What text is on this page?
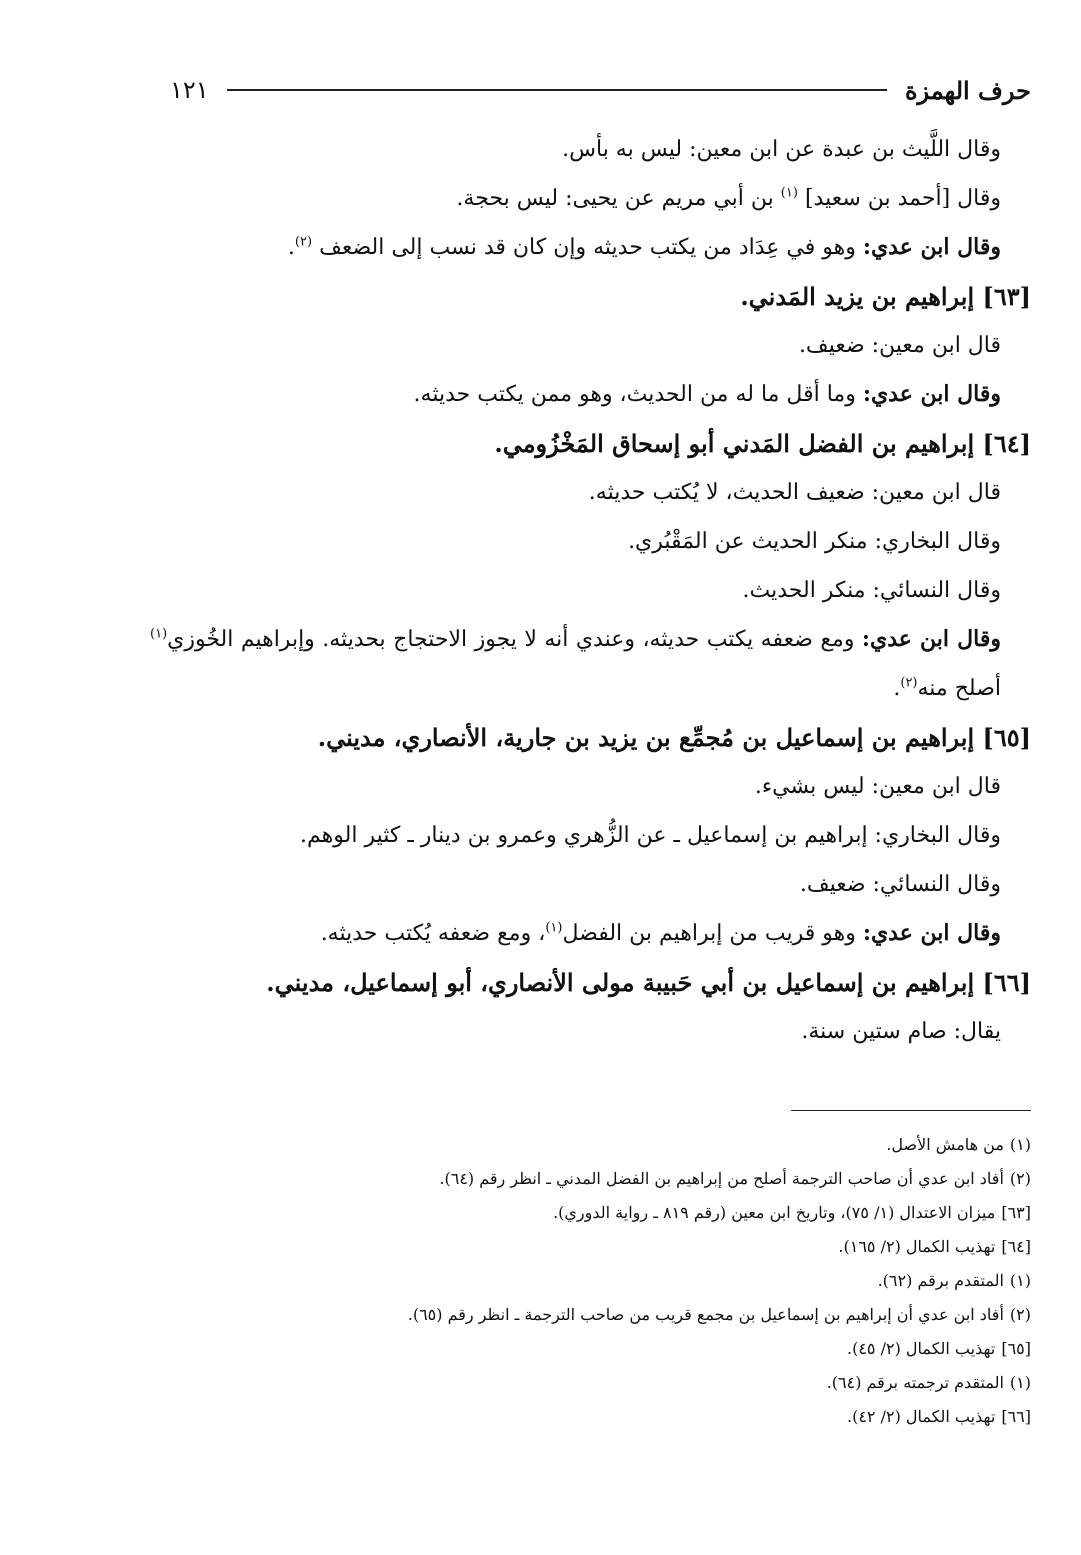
حرف الهمزة
١٢١
وقال اللَّيث بن عبدة عن ابن معين: ليس به بأس.
وقال [أحمد بن سعيد] $^{(١)}$ بن أبي مريم عن يحيى: ليس بحجة.
وقال ابن عدي: وهو في عِدَاد من يكتب حديثه وإن كان قد نسب إلى الضعف $^{(٢)}$.
[٦٣] إبراهيم بن يزيد المَدني.
قال ابن معين: ضعيف.
وقال ابن عدي: وما أقل ما له من الحديث، وهو ممن يكتب حديثه.
[٦٤] إبراهيم بن الفضل المَدني أبو إسحاق المَخْزُومي.
قال ابن معين: ضعيف الحديث، لا يُكتب حديثه.
وقال البخاري: منكر الحديث عن المَقْبُري.
وقال النسائي: منكر الحديث.
وقال ابن عدي: ومع ضعفه يكتب حديثه، وعندي أنه لا يجوز الاحتجاج بحديثه. وإبراهيم الخُوزي$^{(١)}$ أصلح منه$^{(٢)}$.
[٦٥] إبراهيم بن إسماعيل بن مُجمِّع بن يزيد بن جارية، الأنصاري، مديني.
قال ابن معين: ليس بشيء.
وقال البخاري: إبراهيم بن إسماعيل ـ عن الزُّهري وعمرو بن دينار ـ كثير الوهم.
وقال النسائي: ضعيف.
وقال ابن عدي: وهو قريب من إبراهيم بن الفضل$^{(١)}$، ومع ضعفه يُكتب حديثه.
[٦٦] إبراهيم بن إسماعيل بن أبي حَبيبة مولى الأنصاري، أبو إسماعيل، مديني.
يقال: صام ستين سنة.
(١)من هامش الأصل.
(٢)أفاد ابن عدي أن صاحب الترجمة أصلح من إبراهيم بن الفضل المدني ـ انظر رقم (٦٤).
[٦٣]ميزان الاعتدال (١/ ٧٥)، وتاريخ ابن معين (رقم ٨١٩ ـ رواية الدوري).
[٦٤]تهذيب الكمال (٢/ ١٦٥).
(١)المتقدم برقم (٦٢).
(٢)أفاد ابن عدي أن إبراهيم بن إسماعيل بن مجمع قريب من صاحب الترجمة ـ انظر رقم (٦٥).
[٦٥]تهذيب الكمال (٢/ ٤٥).
(١)المتقدم ترجمته برقم (٦٤).
[٦٦]تهذيب الكمال (٢/ ٤٢).
